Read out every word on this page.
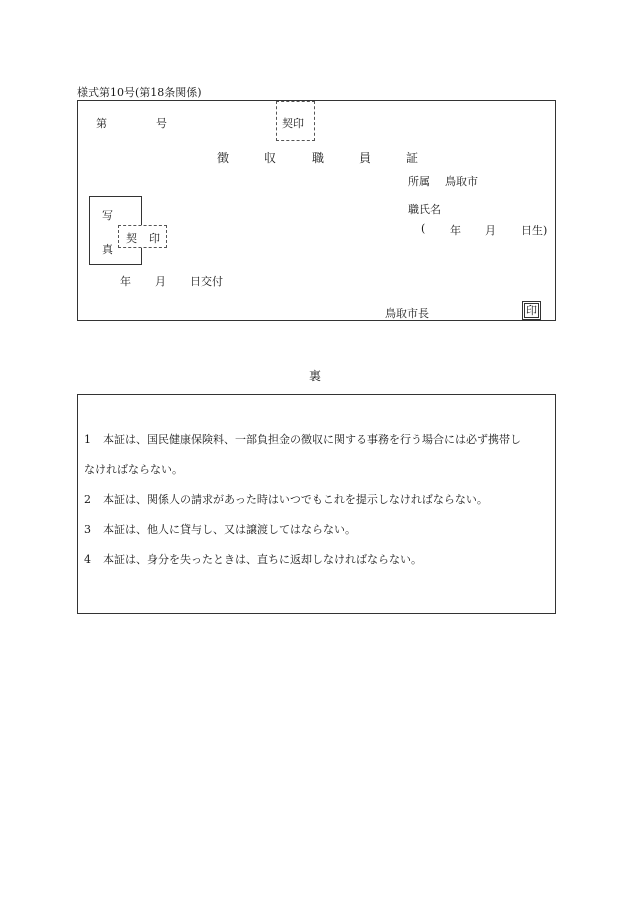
様式第10号(第18条関係)
第	号	契印
徴	収	職	員	証
所属 鳥取市
職氏名
( 年 月 日生)
写
真
契 印
年 月 日交付
鳥取市長	印
裏
1 本証は、国民健康保険料、一部負担金の徴収に関する事務を行う場合には必ず携帯し
なければならない。
2 本証は、関係人の請求があった時はいつでもこれを提示しなければならない。
3 本証は、他人に貸与し、又は譲渡してはならない。
4 本証は、身分を失ったときは、直ちに返却しなければならない。
